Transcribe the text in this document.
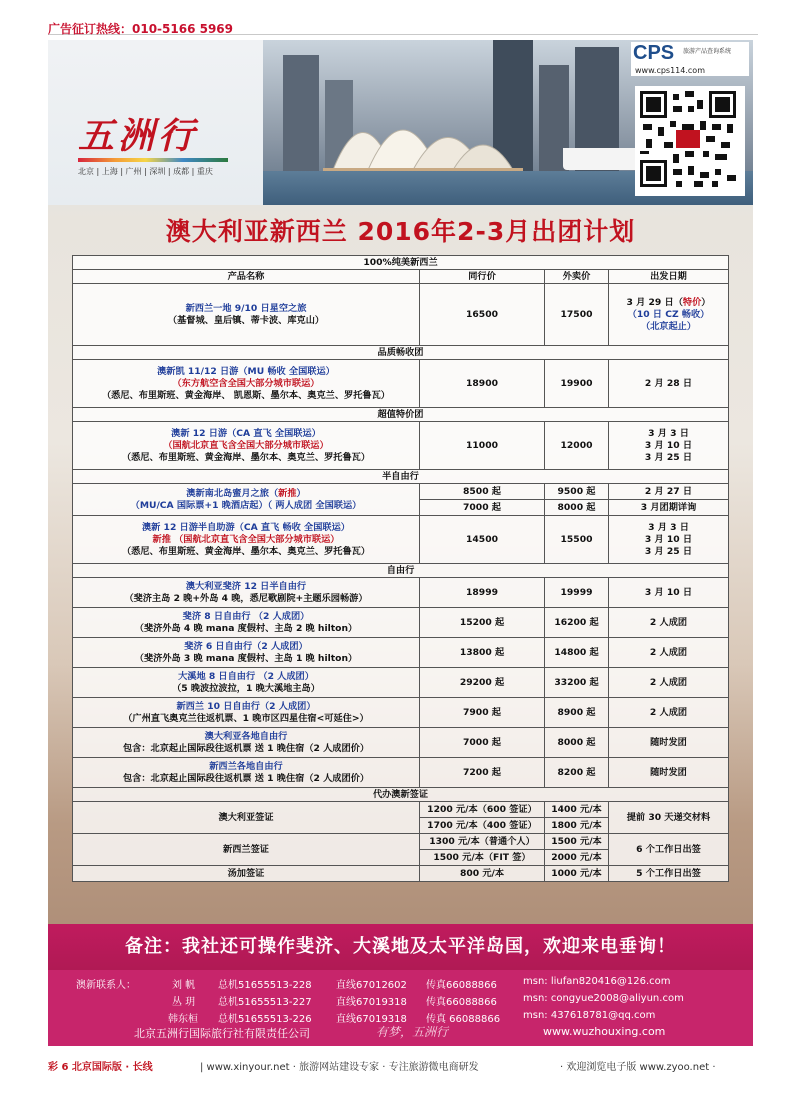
广告征订热线：010-5166 5969
五洲行
北京 | 上海 | 广州 | 深圳 | 成都 | 重庆
CPS 旅游产品查询系统
www.cps114.com
澳大利亚新西兰 2016年2-3月出团计划
100%纯美新西兰			
产品名称	同行价	外卖价	出发日期

新西兰一地 9/10 日星空之旅
（基督城、皇后镇、蒂卡波、库克山）	16500	17500	3 月 29 日（特价）
（10 日 CZ 畅收）
（北京起止）

品质畅收团			

澳新凯 11/12 日游（MU 畅收 全国联运）
（东方航空含全国大部分城市联运）
（悉尼、布里斯班、黄金海岸、 凯恩斯、墨尔本、奥克兰、罗托鲁瓦）	18900	19900	2 月 28 日
超值特价团			

澳新 12 日游（CA 直飞 全国联运）
（国航北京直飞含全国大部分城市联运）
（悉尼、布里斯班、黄金海岸、墨尔本、奥克兰、罗托鲁瓦）	11000	12000	3 月 3 日
3 月 10 日
3 月 25 日

半自由行			

澳新南北岛蜜月之旅（新推）
（MU/CA 国际票+1 晚酒店起）（ 两人成团 全国联运）	8500 起	9500 起	2 月 27 日
	7000 起	8000 起	3 月团期详询

澳新 12 日游半自助游（CA 直飞 畅收 全国联运）
新推 （国航北京直飞含全国大部分城市联运）
（悉尼、布里斯班、黄金海岸、墨尔本、奥克兰、罗托鲁瓦）	14500	15500	3 月 3 日
3 月 10 日
3 月 25 日

自由行			

澳大利亚斐济 12 日半自由行
（斐济主岛 2 晚+外岛 4 晚，悉尼歌剧院+主题乐园畅游）	18999	19999	3 月 10 日

斐济 8 日自由行 （2 人成团）
（斐济外岛 4 晚 mana 度假村、主岛 2 晚 hilton）	15200 起	16200 起	2 人成团

斐济 6 日自由行（2 人成团）
（斐济外岛 3 晚 mana 度假村、主岛 1 晚 hilton）	13800 起	14800 起	2 人成团

大溪地 8 日自由行 （2 人成团）
（5 晚波拉波拉，1 晚大溪地主岛）	29200 起	33200 起	2 人成团

新西兰 10 日自由行（2 人成团）
（广州直飞奥克兰往返机票、1 晚市区四星住宿<可延住>）	7900 起	8900 起	2 人成团

澳大利亚各地自由行
包含：北京起止国际段往返机票 送 1 晚住宿（2 人成团价）	7000 起	8000 起	随时发团

新西兰各地自由行
包含：北京起止国际段往返机票 送 1 晚住宿（2 人成团价）	7200 起	8200 起	随时发团
代办澳新签证			
澳大利亚签证	1200 元/本（600 签证）	1400 元/本	提前 30 天递交材料
	1700 元/本（400 签证）	1800 元/本	
新西兰签证	1300 元/本（普通个人）	1500 元/本	6 个工作日出签
	1500 元/本（FIT 签）	2000 元/本	
汤加签证	800 元/本	1000 元/本	5 个工作日出签
备注：我社还可操作斐济、大溪地及太平洋岛国，欢迎来电垂询！
澳新联系人：	刘 帆 总机51655513-228 直线67012602 传真66088866	msn: liufan820416@126.com
丛 玥 总机51655513-227 直线67019318 传真66088866	msn: congyue2008@aliyun.com
韩东桓 总机51655513-226 直线67019318 传真 66088866 msn: 437618781@qq.com
北京五洲行国际旅行社有限责任公司	有梦，五洲行	www.wuzhouxing.com
彩 6 北京国际版 · 长线	| www.xinyour.net · 旅游网站建设专家 · 专注旅游微电商研发	· 欢迎浏览电子版 www.zyoo.net ·
